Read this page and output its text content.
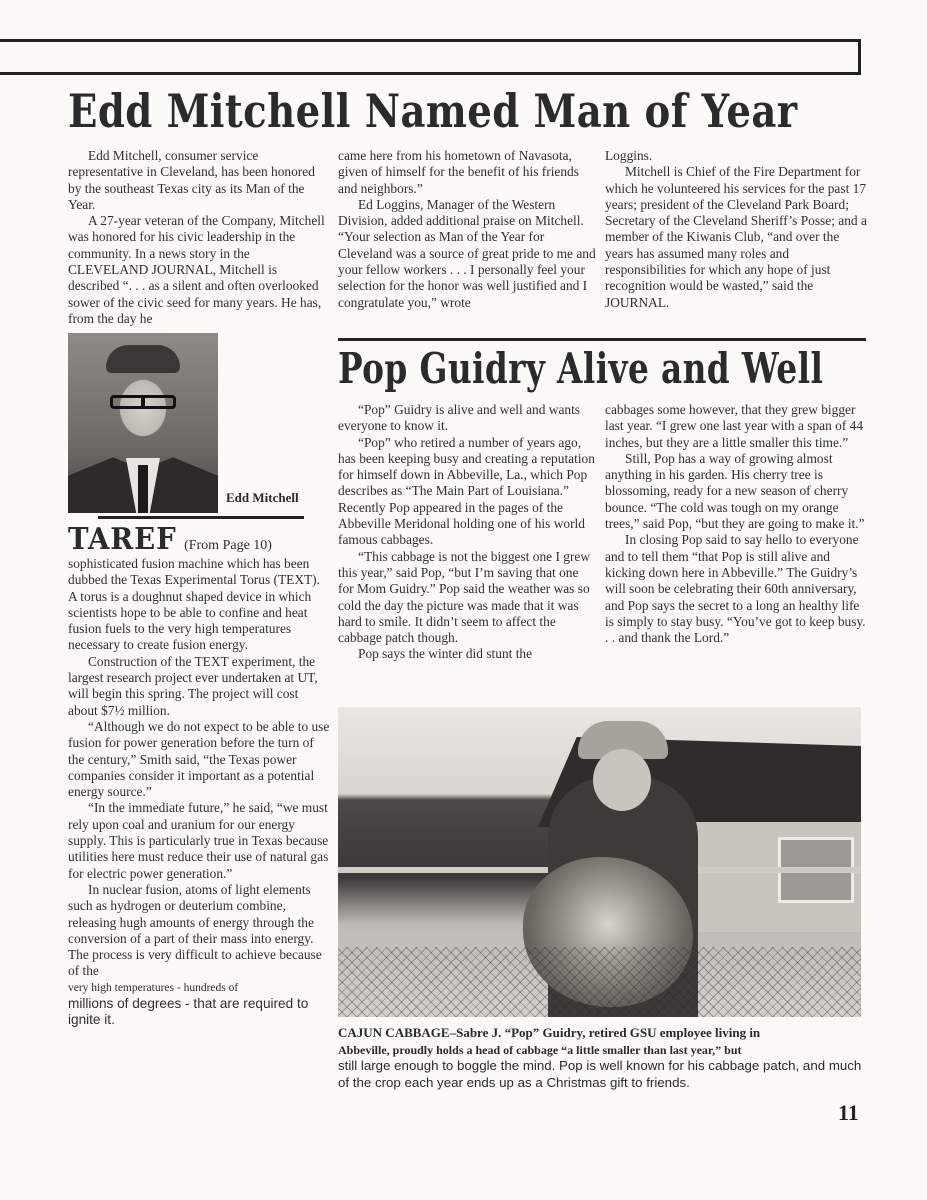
Edd Mitchell Named Man of Year

Edd Mitchell, consumer service representative in Cleveland, has been honored by the southeast Texas city as its Man of the Year.

A 27-year veteran of the Company, Mitchell was honored for his civic leadership in the community. In a news story in the CLEVELAND JOURNAL, Mitchell is described “. . . as a silent and often overlooked sower of the civic seed for many years. He has, from the day he

came here from his hometown of Navasota, given of himself for the benefit of his friends and neighbors.”

Ed Loggins, Manager of the Western Division, added additional praise on Mitchell. “Your selection as Man of the Year for Cleveland was a source of great pride to me and your fellow workers . . . I personally feel your selection for the honor was well justified and I congratulate you,” wrote

Loggins.

Mitchell is Chief of the Fire Department for which he volunteered his services for the past 17 years; president of the Cleveland Park Board; Secretary of the Cleveland Sheriff’s Posse; and a member of the Kiwanis Club, “and over the years has assumed many roles and responsibilities for which any hope of just recognition would be wasted,” said the JOURNAL.

Edd Mitchell
TAREF (From Page 10)

sophisticated fusion machine which has been dubbed the Texas Experimental Torus (TEXT). A torus is a doughnut shaped device in which scientists hope to be able to confine and heat fusion fuels to the very high temperatures necessary to create fusion energy.

Construction of the TEXT experiment, the largest research project ever undertaken at UT, will begin this spring. The project will cost about $7½ million.

“Although we do not expect to be able to use fusion for power generation before the turn of the century,” Smith said, “the Texas power companies consider it important as a potential energy source.”

“In the immediate future,” he said, “we must rely upon coal and uranium for our energy supply. This is particularly true in Texas because utilities here must reduce their use of natural gas for electric power generation.”

In nuclear fusion, atoms of light elements such as hydrogen or deuterium combine, releasing hugh amounts of energy through the conversion of a part of their mass into energy. The process is very difficult to achieve because of the

very high temperatures - hundreds of

millions of degrees - that are required to ignite it.

Pop Guidry Alive and Well

“Pop” Guidry is alive and well and wants everyone to know it.

“Pop” who retired a number of years ago, has been keeping busy and creating a reputation for himself down in Abbeville, La., which Pop describes as “The Main Part of Louisiana.” Recently Pop appeared in the pages of the Abbeville Meridonal holding one of his world famous cabbages.

“This cabbage is not the biggest one I grew this year,” said Pop, “but I’m saving that one for Mom Guidry.” Pop said the weather was so cold the day the picture was made that it was hard to smile. It didn’t seem to affect the cabbage patch though.

Pop says the winter did stunt the

cabbages some however, that they grew bigger last year. “I grew one last year with a span of 44 inches, but they are a little smaller this time.”

Still, Pop has a way of growing almost anything in his garden. His cherry tree is blossoming, ready for a new season of cherry bounce. “The cold was tough on my orange trees,” said Pop, “but they are going to make it.”

In closing Pop said to say hello to everyone and to tell them “that Pop is still alive and kicking down here in Abbeville.” The Guidry’s will soon be celebrating their 60th anniversary, and Pop says the secret to a long an healthy life is simply to stay busy. “You’ve got to keep busy. . . and thank the Lord.”

CAJUN CABBAGE–Sabre J. “Pop” Guidry, retired GSU employee living in
Abbeville, proudly holds a head of cabbage “a little smaller than last year,” but
still large enough to boggle the mind. Pop is well known for his cabbage patch, and much of the crop each year ends up as a Christmas gift to friends.
11
